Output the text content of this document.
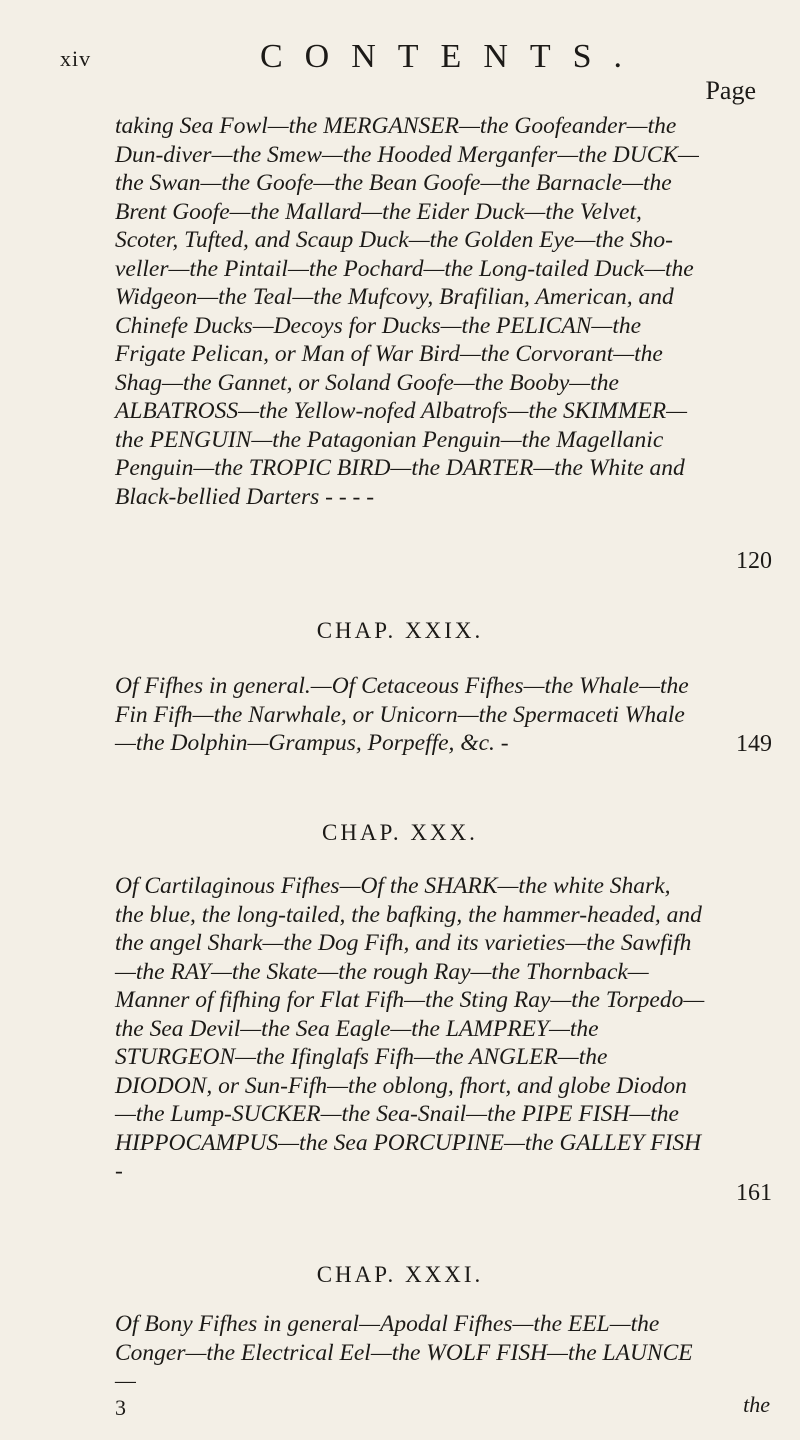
xiv	CONTENTS.
Page
taking Sea Fowl—the MERGANSER—the Goofeander—the Dun-diver—the Smew—the Hooded Merganfer—the DUCK—the Swan—the Goofe—the Bean Goofe—the Barnacle—the Brent Goofe—the Mallard—the Eider Duck—the Velvet, Scoter, Tufted, and Scaup Duck—the Golden Eye—the Sho-veller—the Pintail—the Pochard—the Long-tailed Duck—the Widgeon—the Teal—the Mufcovy, Brafilian, American, and Chinefe Ducks—Decoys for Ducks—the PELICAN—the Frigate Pelican, or Man of War Bird—the Corvorant—the Shag—the Gannet, or Soland Goofe—the Booby—the ALBATROSS—the Yellow-nofed Albatrofs—the SKIMMER—the PENGUIN—the Patagonian Penguin—the Magellanic Penguin—the TROPIC BIRD—the DARTER—the White and Black-bellied Darters - - - -
120
CHAP. XXIX.
Of Fifhes in general.—Of Cetaceous Fifhes—the Whale—the Fin Fifh—the Narwhale, or Unicorn—the Spermaceti Whale—the Dolphin—Grampus, Porpeffe, &c. -	149
CHAP. XXX.
Of Cartilaginous Fifhes—Of the SHARK—the white Shark, the blue, the long-tailed, the bafking, the hammer-headed, and the angel Shark—the Dog Fifh, and its varieties—the Sawfifh—the RAY—the Skate—the rough Ray—the Thornback—Manner of fifhing for Flat Fifh—the Sting Ray—the Torpedo—the Sea Devil—the Sea Eagle—the LAMPREY—the STURGEON—the Ifinglafs Fifh—the ANGLER—the DIODON, or Sun-Fifh—the oblong, fhort, and globe Diodon—the Lump-SUCKER—the Sea-Snail—the PIPE FISH—the HIPPOCAMPUS—the Sea PORCUPINE—the GALLEY FISH -
161
CHAP. XXXI.
Of Bony Fifhes in general—Apodal Fifhes—the EEL—the Conger—the Electrical Eel—the WOLF FISH—the LAUNCE—
3	the
